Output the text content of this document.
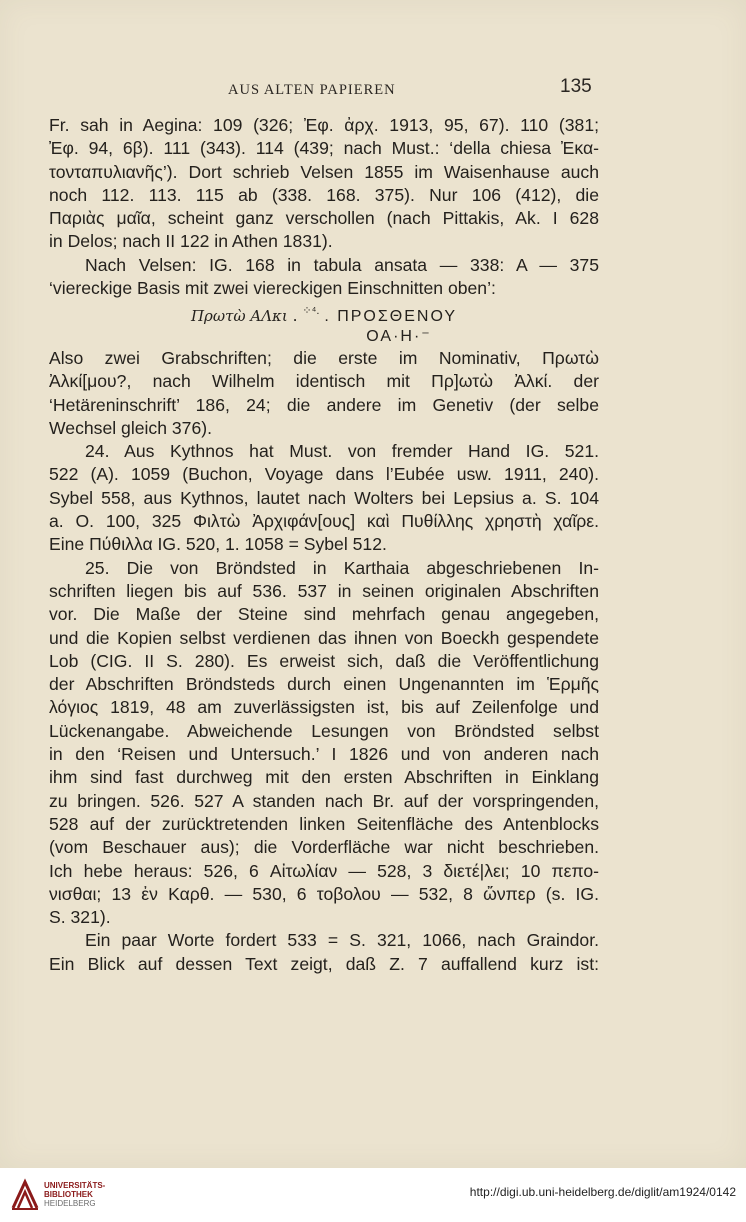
AUS ALTEN PAPIEREN	135
Fr. sah in Aegina: 109 (326; Ἐφ. ἀρχ. 1913, 95, 67). 110 (381;
Ἐφ. 94, 6β). 111 (343). 114 (439; nach Must.: ‘della chiesa Ἐκα-
τονταπυλιανῆς’). Dort schrieb Velsen 1855 im Waisenhause auch
noch 112. 113. 115 ab (338. 168. 375). Nur 106 (412), die
Παριὰς μαῖα, scheint ganz verschollen (nach Pittakis, Ak. I 628
in Delos; nach II 122 in Athen 1831).
Nach Velsen: IG. 168 in tabula ansata — 338: A — 375
‘viereckige Basis mit zwei viereckigen Einschnitten oben’:
Πρωτὼ ΑΛκι . $^{⁘^4.}$ . ΠΡΟΣΘΕΝΟΥ
ΟΑ·Η·⁻
Also zwei Grabschriften; die erste im Nominativ, Πρωτὼ
Ἀλκί[μου?, nach Wilhelm identisch mit Πρ]ωτὼ Ἀλκί. der
‘Hetäreninschrift’ 186, 24; die andere im Genetiv (der selbe
Wechsel gleich 376).
24. Aus Kythnos hat Must. von fremder Hand IG. 521.
522 (A). 1059 (Buchon, Voyage dans l’Eubée usw. 1911, 240).
Sybel 558, aus Kythnos, lautet nach Wolters bei Lepsius a. S. 104
a. O. 100, 325 Φιλτὼ Ἀρχιφάν[ους] καὶ Πυθίλλης χρηστὴ χαῖρε.
Eine Πύθιλλα IG. 520, 1. 1058 = Sybel 512.
25. Die von Bröndsted in Karthaia abgeschriebenen In-
schriften liegen bis auf 536. 537 in seinen originalen Abschriften
vor. Die Maße der Steine sind mehrfach genau angegeben,
und die Kopien selbst verdienen das ihnen von Boeckh gespendete
Lob (CIG. II S. 280). Es erweist sich, daß die Veröffentlichung
der Abschriften Bröndsteds durch einen Ungenannten im Ἑρμῆς
λόγιος 1819, 48 am zuverlässigsten ist, bis auf Zeilenfolge und
Lückenangabe. Abweichende Lesungen von Bröndsted selbst
in den ‘Reisen und Untersuch.’ I 1826 und von anderen nach
ihm sind fast durchweg mit den ersten Abschriften in Einklang
zu bringen. 526. 527 A standen nach Br. auf der vorspringenden,
528 auf der zurücktretenden linken Seitenfläche des Antenblocks
(vom Beschauer aus); die Vorderfläche war nicht beschrieben.
Ich hebe heraus: 526, 6 Αἰτωλίαν — 528, 3 διετέ|λει; 10 πεπο-
νισθαι; 13 ἐν Καρθ. — 530, 6 τοβολου — 532, 8 ὤνπερ (s. IG.
S. 321).
Ein paar Worte fordert 533 = S. 321, 1066, nach Graindor.
Ein Blick auf dessen Text zeigt, daß Z. 7 auffallend kurz ist:
UNIVERSITÄTS-
BIBLIOTHEK
HEIDELBERG
http://digi.ub.uni-heidelberg.de/diglit/am1924/0142
